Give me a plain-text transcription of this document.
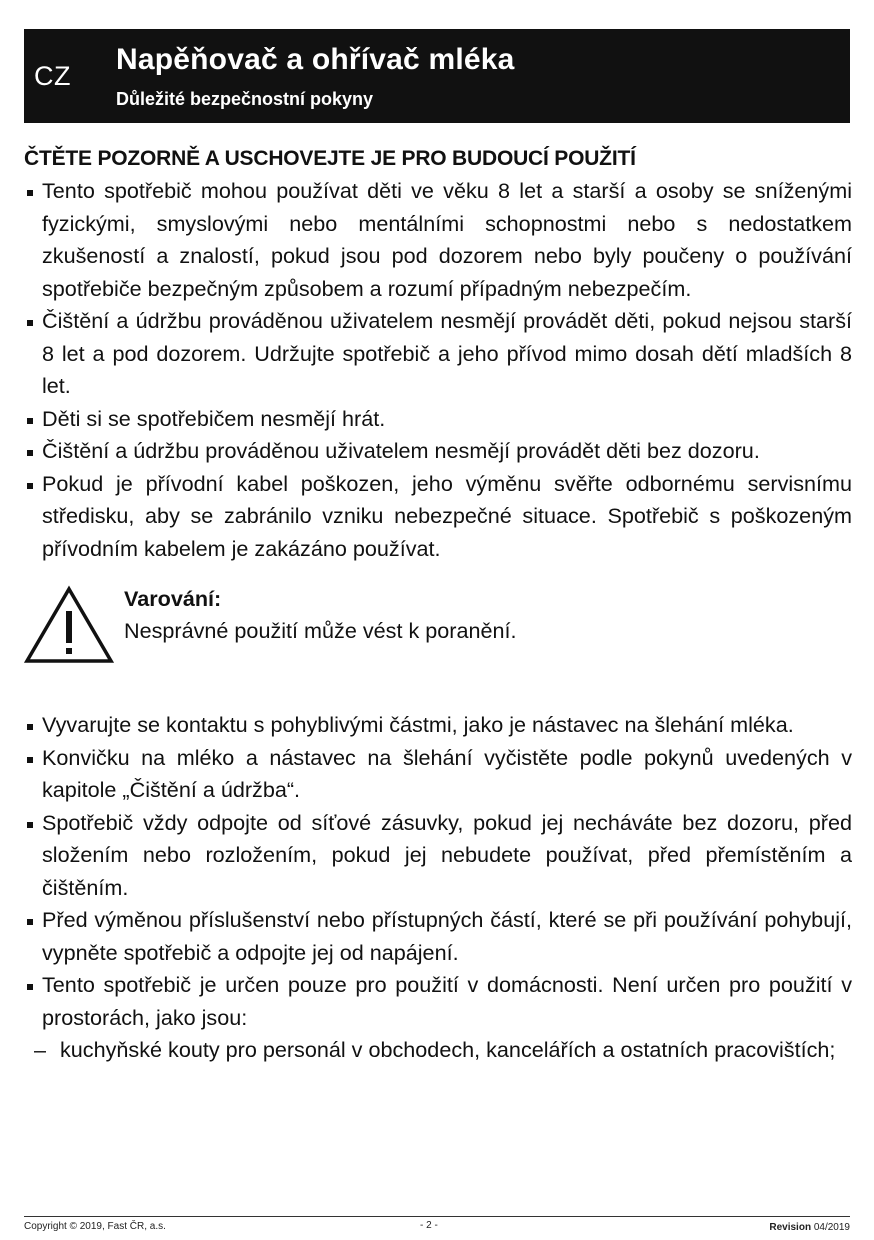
CZ Napěňovač a ohřívač mléka
Důležité bezpečnostní pokyny
ČTĚTE POZORNĚ A USCHOVEJTE JE PRO BUDOUCÍ POUŽITÍ
Tento spotřebič mohou používat děti ve věku 8 let a starší a osoby se sníženými fyzickými, smyslovými nebo mentálními schopnostmi nebo s nedostatkem zkušeností a znalostí, pokud jsou pod dozorem nebo byly poučeny o používání spotřebiče bezpečným způsobem a rozumí případným nebezpečím.
Čištění a údržbu prováděnou uživatelem nesmějí provádět děti, pokud nejsou starší 8 let a pod dozorem. Udržujte spotřebič a jeho přívod mimo dosah dětí mladších 8 let.
Děti si se spotřebičem nesmějí hrát.
Čištění a údržbu prováděnou uživatelem nesmějí provádět děti bez dozoru.
Pokud je přívodní kabel poškozen, jeho výměnu svěřte odbornému servisnímu středisku, aby se zabránilo vzniku nebezpečné situace. Spotřebič s poškozeným přívodním kabelem je zakázáno používat.
Varování:
Nesprávné použití může vést k poranění.
Vyvarujte se kontaktu s pohyblivými částmi, jako je nástavec na šlehání mléka.
Konvičku na mléko a nástavec na šlehání vyčistěte podle pokynů uvedených v kapitole „Čištění a údržba“.
Spotřebič vždy odpojte od síťové zásuvky, pokud jej necháváte bez dozoru, před složením nebo rozložením, pokud jej nebudete používat, před přemístěním a čištěním.
Před výměnou příslušenství nebo přístupných částí, které se při používání pohybují, vypněte spotřebič a odpojte jej od napájení.
Tento spotřebič je určen pouze pro použití v domácnosti. Není určen pro použití v prostorách, jako jsou:
– kuchyňské kouty pro personál v obchodech, kancelářích a ostatních pracovištích;
Copyright © 2019, Fast ČR, a.s.	- 2 -	Revision 04/2019
